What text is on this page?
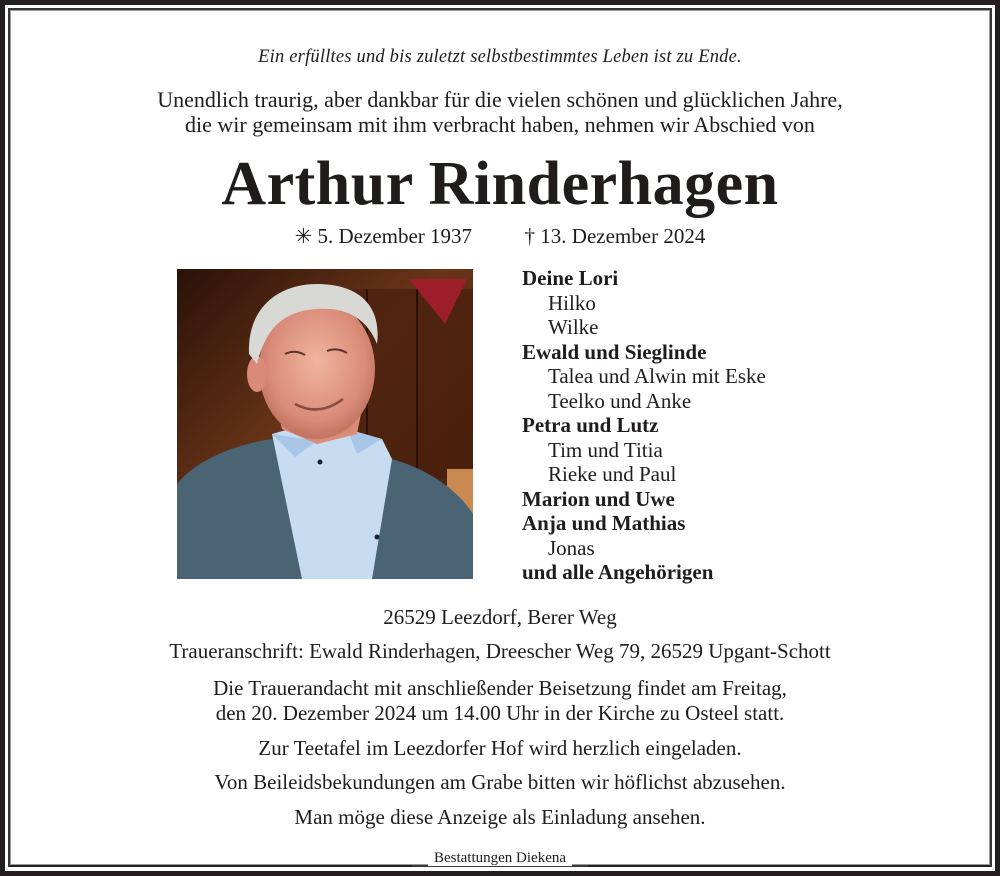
Ein erfülltes und bis zuletzt selbstbestimmtes Leben ist zu Ende.
Unendlich traurig, aber dankbar für die vielen schönen und glücklichen Jahre,
die wir gemeinsam mit ihm verbracht haben, nehmen wir Abschied von
Arthur Rinderhagen
✳ 5. Dezember 1937	† 13. Dezember 2024
Deine Lori
Hilko
Wilke
Ewald und Sieglinde
Talea und Alwin mit Eske
Teelko und Anke
Petra und Lutz
Tim und Titia
Rieke und Paul
Marion und Uwe
Anja und Mathias
Jonas
und alle Angehörigen
26529 Leezdorf, Berer Weg
Traueranschrift: Ewald Rinderhagen, Dreescher Weg 79, 26529 Upgant-Schott
Die Trauerandacht mit anschließender Beisetzung findet am Freitag,
den 20. Dezember 2024 um 14.00 Uhr in der Kirche zu Osteel statt.
Zur Teetafel im Leezdorfer Hof wird herzlich eingeladen.
Von Beileidsbekundungen am Grabe bitten wir höflichst abzusehen.
Man möge diese Anzeige als Einladung ansehen.
Bestattungen Diekena
